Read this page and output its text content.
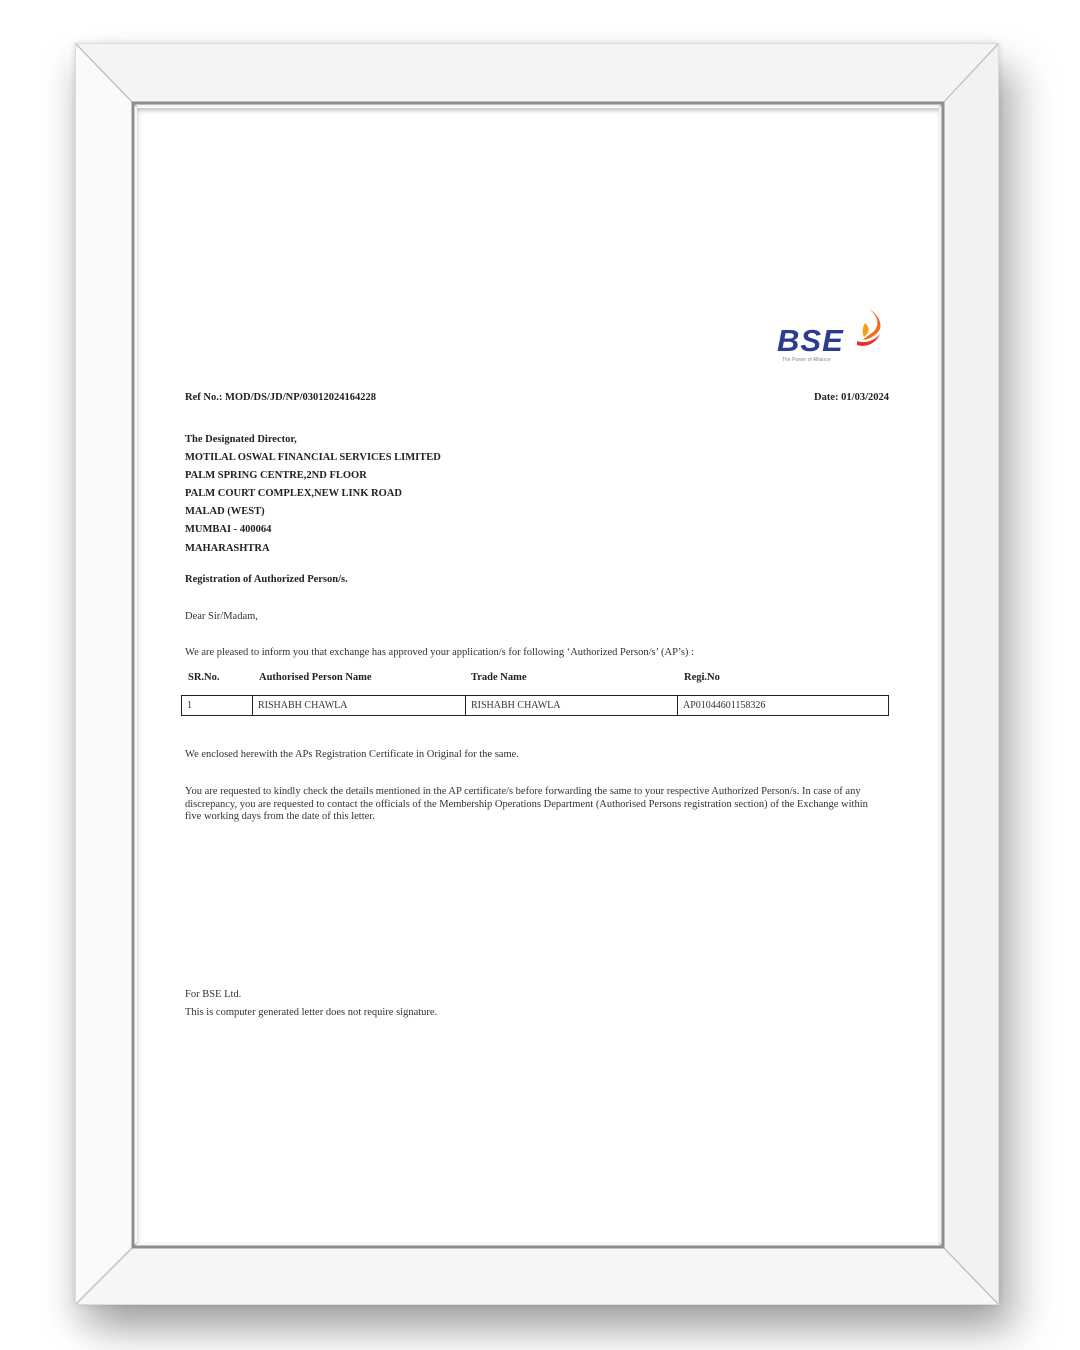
BSE
The Power of Alliance
Ref No.: MOD/DS/JD/NP/03012024164228	Date: 01/03/2024
The Designated Director,
MOTILAL OSWAL FINANCIAL SERVICES LIMITED
PALM SPRING CENTRE,2ND FLOOR
PALM COURT COMPLEX,NEW LINK ROAD
MALAD (WEST)
MUMBAI - 400064
MAHARASHTRA
Registration of Authorized Person/s.
Dear Sir/Madam,
We are pleased to inform you that exchange has approved your application/s for following ‘Authorized Person/s’ (AP’s) :
SR.No.	Authorised Person Name	Trade Name	Regi.No
1	RISHABH CHAWLA	RISHABH CHAWLA	AP01044601158326
We enclosed herewith the APs Registration Certificate in Original for the same.
You are requested to kindly check the details mentioned in the AP certificate/s before forwarding the same to your respective Authorized Person/s. In case of any discrepancy, you are requested to contact the officials of the Membership Operations Department (Authorised Persons registration section) of the Exchange within five working days from the date of this letter.
For BSE Ltd.
This is computer generated letter does not require signature.
